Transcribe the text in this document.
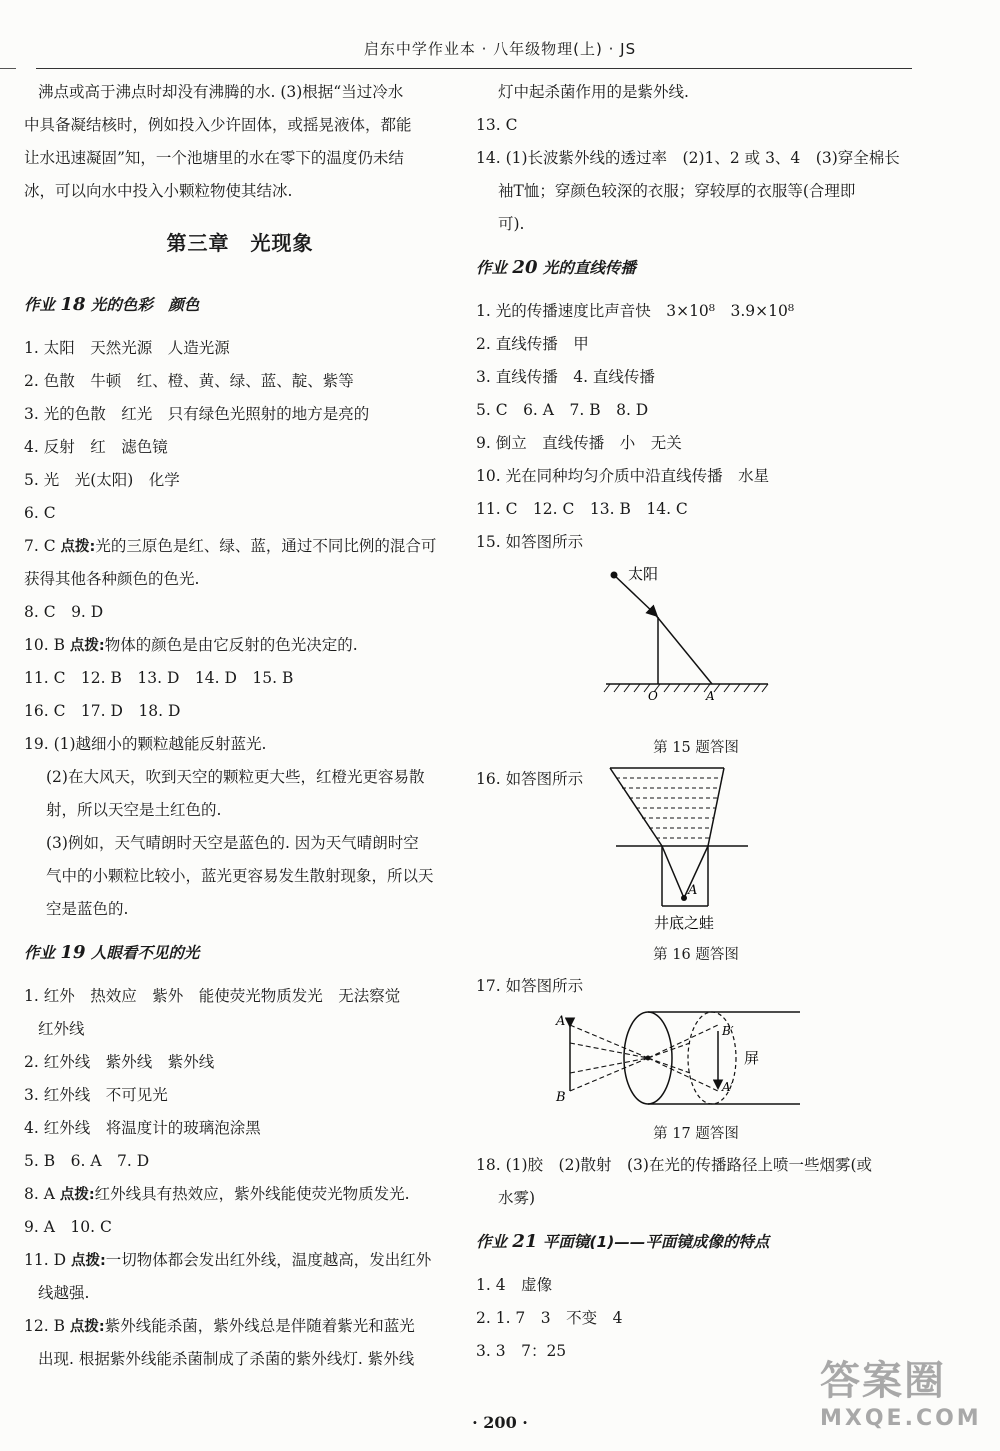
启东中学作业本 · 八年级物理(上) · JS
沸点或高于沸点时却没有沸腾的水. (3)根据“当过冷水
中具备凝结核时，例如投入少许固体，或摇晃液体，都能
让水迅速凝固”知，一个池塘里的水在零下的温度仍未结
冰，可以向水中投入小颗粒物使其结冰.
第三章　光现象
作业 18 光的色彩　颜色
1. 太阳　天然光源　人造光源
2. 色散　牛顿　红、橙、黄、绿、蓝、靛、紫等
3. 光的色散　红光　只有绿色光照射的地方是亮的
4. 反射　红　滤色镜
5. 光　光(太阳)　化学
6. C
7. C 点拨:光的三原色是红、绿、蓝，通过不同比例的混合可
获得其他各种颜色的色光.
8. C　9. D
10. B 点拨:物体的颜色是由它反射的色光决定的.
11. C　12. B　13. D　14. D　15. B
16. C　17. D　18. D
19. (1)越细小的颗粒越能反射蓝光.
(2)在大风天，吹到天空的颗粒更大些，红橙光更容易散
射，所以天空是土红色的.
(3)例如，天气晴朗时天空是蓝色的. 因为天气晴朗时空
气中的小颗粒比较小，蓝光更容易发生散射现象，所以天
空是蓝色的.
作业 19 人眼看不见的光
1. 红外　热效应　紫外　能使荧光物质发光　无法察觉
红外线
2. 红外线　紫外线　紫外线
3. 红外线　不可见光
4. 红外线　将温度计的玻璃泡涂黑
5. B　6. A　7. D
8. A 点拨:红外线具有热效应，紫外线能使荧光物质发光.
9. A　10. C
11. D 点拨:一切物体都会发出红外线，温度越高，发出红外
线越强.
12. B 点拨:紫外线能杀菌，紫外线总是伴随着紫光和蓝光
出现. 根据紫外线能杀菌制成了杀菌的紫外线灯. 紫外线
灯中起杀菌作用的是紫外线.
13. C
14. (1)长波紫外线的透过率　(2)1、2 或 3、4　(3)穿全棉长
袖T恤；穿颜色较深的衣服；穿较厚的衣服等(合理即
可).
作业 20 光的直线传播
1. 光的传播速度比声音快　3×10⁸　3.9×10⁸
2. 直线传播　甲
3. 直线传播　4. 直线传播
5. C　6. A　7. B　8. D
9. 倒立　直线传播　小　无关
10. 光在同种均匀介质中沿直线传播　水星
11. C　12. C　13. B　14. C
15. 如答图所示
太阳
O	A
第 15 题答图
16. 如答图所示
A
井底之蛙
第 16 题答图
17. 如答图所示
A
B
B′
A′
屏
第 17 题答图
18. (1)胶　(2)散射　(3)在光的传播路径上喷一些烟雾(或
水雾)
作业 21 平面镜(1)——平面镜成像的特点
1. 4　虚像
2. 1. 7　3　不变　4
3. 3　7：25
· 200 ·
答案圈
MXQE.COM
